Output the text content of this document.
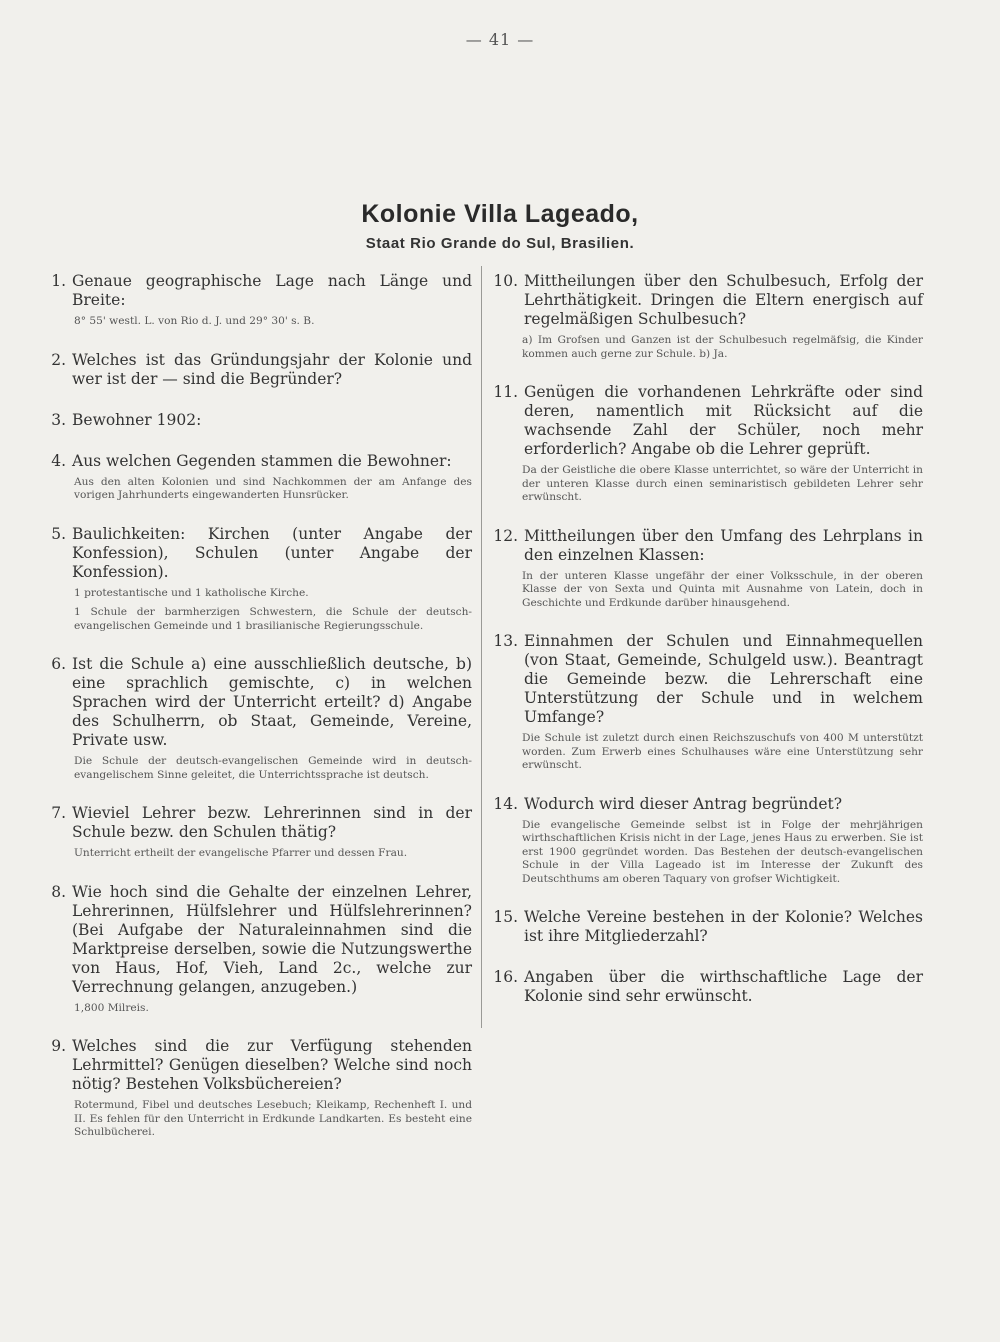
— 41 —
Kolonie Villa Lageado,
Staat Rio Grande do Sul, Brasilien.
1. Genaue geographische Lage nach Länge und Breite:
8° 55' westl. L. von Rio d. J. und 29° 30' s. B.
2. Welches ist das Gründungsjahr der Kolonie und wer ist der — sind die Begründer?
3. Bewohner 1902:
4. Aus welchen Gegenden stammen die Bewohner:
Aus den alten Kolonien und sind Nachkommen der am Anfange des vorigen Jahrhunderts eingewanderten Hunsrücker.
5. Baulichkeiten: Kirchen (unter Angabe der Konfession), Schulen (unter Angabe der Konfession).
1 protestantische und 1 katholische Kirche.
1 Schule der barmherzigen Schwestern, die Schule der deutsch-evangelischen Gemeinde und 1 brasilianische Regierungsschule.
6. Ist die Schule a) eine ausschließlich deutsche, b) eine sprachlich gemischte, c) in welchen Sprachen wird der Unterricht erteilt? d) Angabe des Schulherrn, ob Staat, Gemeinde, Vereine, Private usw.
Die Schule der deutsch-evangelischen Gemeinde wird in deutsch-evangelischem Sinne geleitet, die Unterrichtssprache ist deutsch.
7. Wieviel Lehrer bezw. Lehrerinnen sind in der Schule bezw. den Schulen thätig?
Unterricht ertheilt der evangelische Pfarrer und dessen Frau.
8. Wie hoch sind die Gehalte der einzelnen Lehrer, Lehrerinnen, Hülfslehrer und Hülfslehrerinnen? (Bei Aufgabe der Naturaleinnahmen sind die Marktpreise derselben, sowie die Nutzungswerthe von Haus, Hof, Vieh, Land 2c., welche zur Verrechnung gelangen, anzugeben.)
1,800 Milreis.
9. Welches sind die zur Verfügung stehenden Lehrmittel? Genügen dieselben? Welche sind noch nötig? Bestehen Volksbüchereien?
Rotermund, Fibel und deutsches Lesebuch; Kleikamp, Rechenheft I. und II. Es fehlen für den Unterricht in Erdkunde Landkarten. Es besteht eine Schulbücherei.
10. Mittheilungen über den Schulbesuch, Erfolg der Lehrthätigkeit. Dringen die Eltern energisch auf regelmäßigen Schulbesuch?
a) Im Grofsen und Ganzen ist der Schulbesuch regelmäfsig, die Kinder kommen auch gerne zur Schule. b) Ja.
11. Genügen die vorhandenen Lehrkräfte oder sind deren, namentlich mit Rücksicht auf die wachsende Zahl der Schüler, noch mehr erforderlich? Angabe ob die Lehrer geprüft.
Da der Geistliche die obere Klasse unterrichtet, so wäre der Unterricht in der unteren Klasse durch einen seminaristisch gebildeten Lehrer sehr erwünscht.
12. Mittheilungen über den Umfang des Lehrplans in den einzelnen Klassen:
In der unteren Klasse ungefähr der einer Volksschule, in der oberen Klasse der von Sexta und Quinta mit Ausnahme von Latein, doch in Geschichte und Erdkunde darüber hinausgehend.
13. Einnahmen der Schulen und Einnahmequellen (von Staat, Gemeinde, Schulgeld usw.). Beantragt die Gemeinde bezw. die Lehrerschaft eine Unterstützung der Schule und in welchem Umfange?
Die Schule ist zuletzt durch einen Reichszuschufs von 400 M unterstützt worden. Zum Erwerb eines Schulhauses wäre eine Unterstützung sehr erwünscht.
14. Wodurch wird dieser Antrag begründet?
Die evangelische Gemeinde selbst ist in Folge der mehrjährigen wirthschaftlichen Krisis nicht in der Lage, jenes Haus zu erwerben. Sie ist erst 1900 gegründet worden. Das Bestehen der deutsch-evangelischen Schule in der Villa Lageado ist im Interesse der Zukunft des Deutschthums am oberen Taquary von grofser Wichtigkeit.
15. Welche Vereine bestehen in der Kolonie? Welches ist ihre Mitgliederzahl?
16. Angaben über die wirthschaftliche Lage der Kolonie sind sehr erwünscht.
